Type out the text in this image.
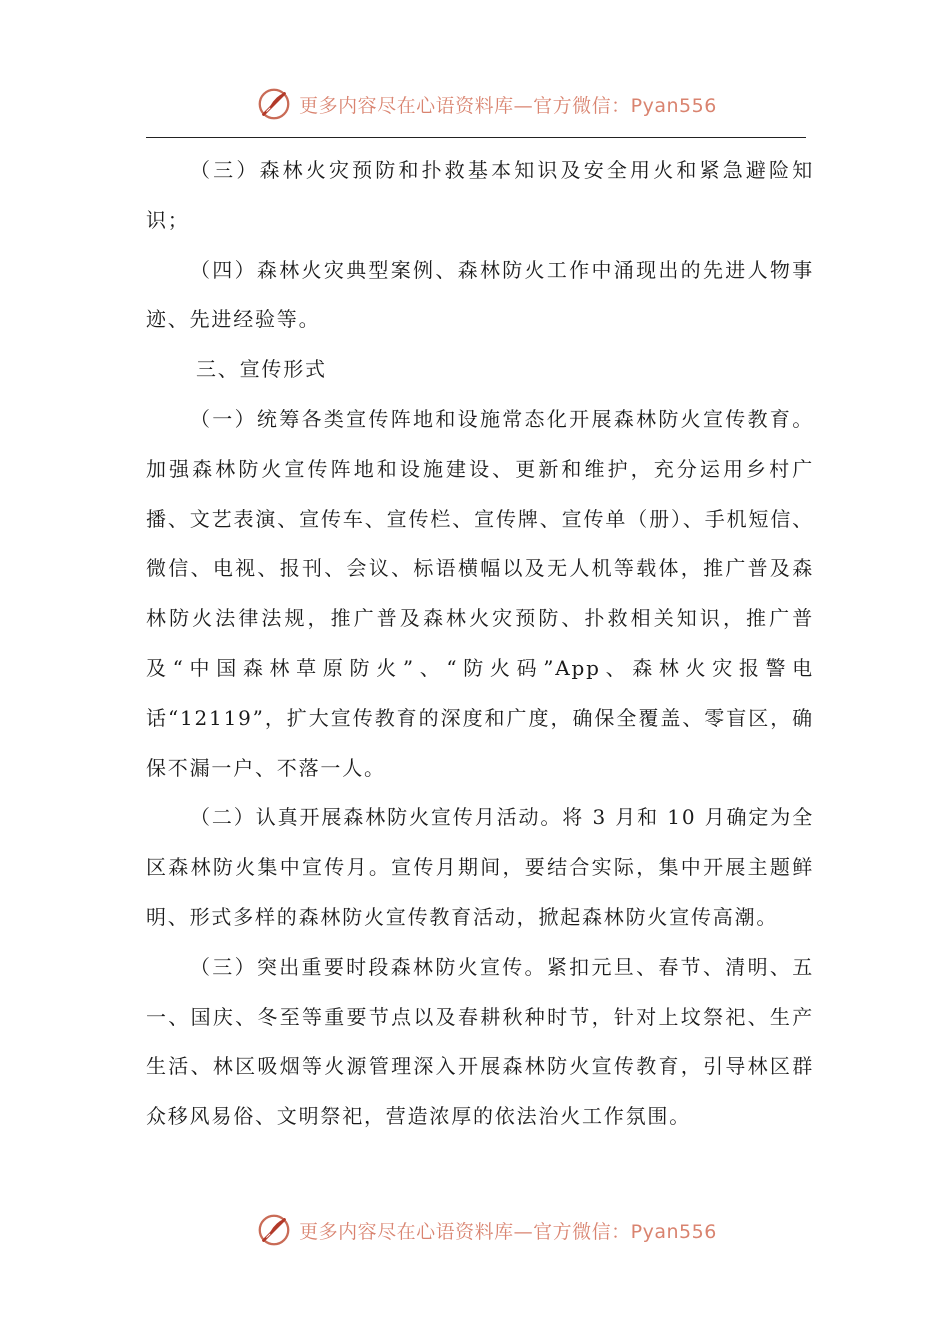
更多内容尽在心语资料库—官方微信：Pyan556

（三）森林火灾预防和扑救基本知识及安全用火和紧急避险知识；

（四）森林火灾典型案例、森林防火工作中涌现出的先进人物事迹、先进经验等。

三、宣传形式

（一）统筹各类宣传阵地和设施常态化开展森林防火宣传教育。加强森林防火宣传阵地和设施建设、更新和维护，充分运用乡村广播、文艺表演、宣传车、宣传栏、宣传牌、宣传单（册）、手机短信、微信、电视、报刊、会议、标语横幅以及无人机等载体，推广普及森林防火法律法规，推广普及森林火灾预防、扑救相关知识，推广普及“中国森林草原防火”、“防火码”App、森林火灾报警电话“12119”，扩大宣传教育的深度和广度，确保全覆盖、零盲区，确保不漏一户、不落一人。

（二）认真开展森林防火宣传月活动。将 3 月和 10 月确定为全区森林防火集中宣传月。宣传月期间，要结合实际，集中开展主题鲜明、形式多样的森林防火宣传教育活动，掀起森林防火宣传高潮。

（三）突出重要时段森林防火宣传。紧扣元旦、春节、清明、五一、国庆、冬至等重要节点以及春耕秋种时节，针对上坟祭祀、生产生活、林区吸烟等火源管理深入开展森林防火宣传教育，引导林区群众移风易俗、文明祭祀，营造浓厚的依法治火工作氛围。

更多内容尽在心语资料库—官方微信：Pyan556
